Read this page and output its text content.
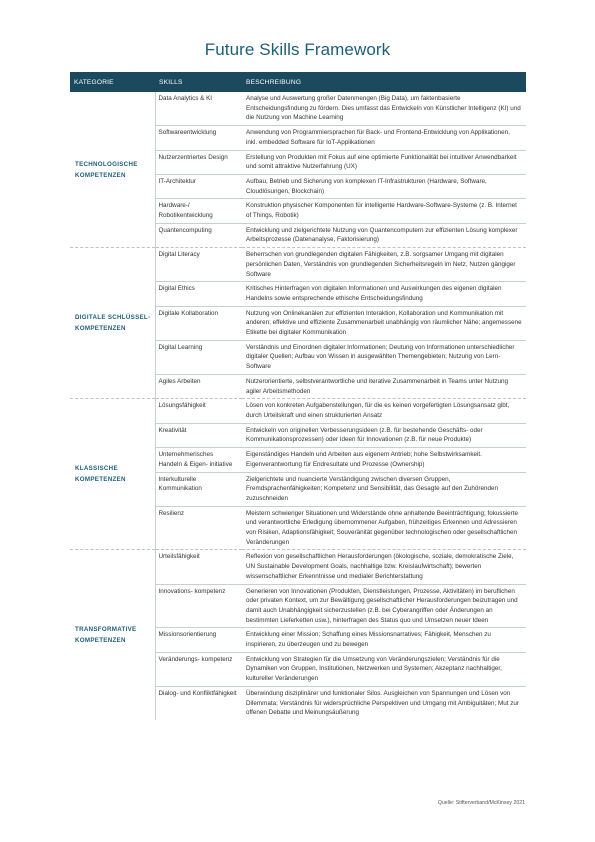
Future Skills Framework
KATEGORIE	SKILLS	BESCHREIBUNG
TECHNOLOGISCHE KOMPETENZEN	Data Analytics & KI	Analyse und Auswertung großer Datenmengen (Big Data), um faktenbasierte Entscheidungsfindung zu fördern. Dies umfasst das Entwickeln von Künstlicher Intelligenz (KI) und die Nutzung von Machine Learning
	Softwareentwicklung	Anwendung von Programmiersprachen für Back- und Frontend-Entwicklung von Applikationen, inkl. embedded Software für IoT-Applikationen
	Nutzerzentriertes Design	Erstellung von Produkten mit Fokus auf eine optimierte Funktionalität bei intuitiver Anwendbarkeit und somit attraktive Nutzerfahrung (UX)
	IT-Architektur	Aufbau, Betrieb und Sicherung von komplexen IT-Infrastrukturen (Hardware, Software, Cloudlösungen, Blockchain)
	Hardware-/ Robotikentwicklung	Konstruktion physischer Komponenten für intelligente Hardware-Software-Systeme (z. B. Internet of Things, Robotik)
	Quantencomputing	Entwicklung und zielgerichtete Nutzung von Quantencomputern zur effizienten Lösung komplexer Arbeitsprozesse (Datenanalyse, Faktorisierung)

DIGITALE SCHLÜSSEL- KOMPETENZEN	Digital Literacy	Beherrschen von grundlegenden digitalen Fähigkeiten, z.B. sorgsamer Umgang mit digitalen persönlichen Daten, Verständnis von grundlegenden Sicherheitsregeln im Netz, Nutzen gängiger Software
	Digital Ethics	Kritisches Hinterfragen von digitalen Informationen und Auswirkungen des eigenen digitalen Handelns sowie entsprechende ethische Entscheidungsfindung
	Digitale Kollaboration	Nutzung von Onlinekanälen zur effizienten Interaktion, Kollaboration und Kommunikation mit anderen; effektive und effiziente Zusammenarbeit unabhängig von räumlicher Nähe; angemessene Etikette bei digitaler Kommunikation
	Digital Learning	Verständnis und Einordnen digitaler Informationen; Deutung von Informationen unterschiedlicher digitaler Quellen; Aufbau von Wissen in ausgewählten Themengebieten; Nutzung von Lern-Software
	Agiles Arbeiten	Nutzerorientierte, selbstverantwortliche und iterative Zusammenarbeit in Teams unter Nutzung agiler Arbeitsmethoden

KLASSISCHE KOMPETENZEN	Lösungsfähigkeit	Lösen von konkreten Aufgabenstellungen, für die es keinen vorgefertigten Lösungsansatz gibt, durch Urteilskraft und einen strukturierten Ansatz
	Kreativität	Entwickeln von originellen Verbesserungsideen (z.B. für bestehende Geschäfts- oder Kommunikationsprozessen) oder Ideen für Innovationen (z.B. für neue Produkte)
	Unternehmerisches Handeln & Eigen- initiative	Eigenständiges Handeln und Arbeiten aus eigenem Antrieb; hohe Selbstwirksamkeit. Eigenverantwortung für Endresultate und Prozesse (Ownership)
	Interkulturelle Kommunikation	Zielgerichtete und nuancierte Verständigung zwischen diversen Gruppen, Fremdsprachenfähigkeiten; Kompetenz und Sensibilität, das Gesagte auf den Zuhörenden zuzuschneiden
	Resilienz	Meistern schwieriger Situationen und Widerstände ohne anhaltende Beeinträchtigung; fokussierte und verantwortliche Erledigung übernommener Aufgaben, frühzeitiges Erkennen und Adressieren von Risiken, Adaptionsfähigkeit; Souveränität gegenüber technologischen oder gesellschaftlichen Veränderungen

TRANSFORMATIVE KOMPETENZEN	Urteilsfähigkeit	Reflexion von gesellschaftlichen Herausforderungen (ökologische, soziale, demokratische Ziele, UN Sustainable Development Goals, nachhaltige bzw. Kreislaufwirtschaft); bewerten wissenschaftlicher Erkenntnisse und medialer Berichterstattung
	Innovations- kompetenz	Generieren von Innovationen (Produkten, Dienstleistungen, Prozesse, Aktivitäten) im beruflichen oder privaten Kontext, um zur Bewältigung gesellschaftlicher Herausforderungen beizutragen und damit auch Unabhängigkeit sicherzustellen (z.B. bei Cyberangriffen oder Änderungen an bestimmten Lieferketten usw.), hinterfragen des Status quo und Umsetzen neuer Ideen
	Missionsorientierung	Entwicklung einer Mission; Schaffung eines Missionsnarratives; Fähigkeit, Menschen zu inspirieren, zu überzeugen und zu bewegen
	Veränderungs- kompetenz	Entwicklung von Strategien für die Umsetzung von Veränderungszielen; Verständnis für die Dynamiken von Gruppen, Institutionen, Netzwerken und Systemen; Akzeptanz nachhaltiger, kultureller Veränderungen
	Dialog- und Konfliktfähigkeit	Überwindung disziplinärer und funktionaler Silos. Ausgleichen von Spannungen und Lösen von Dilemmata; Verständnis für widersprüchliche Perspektiven und Umgang mit Ambiguitäten; Mut zur offenen Debatte und Meinungsäußerung
Quelle: Stifterverband/McKinsey 2021
